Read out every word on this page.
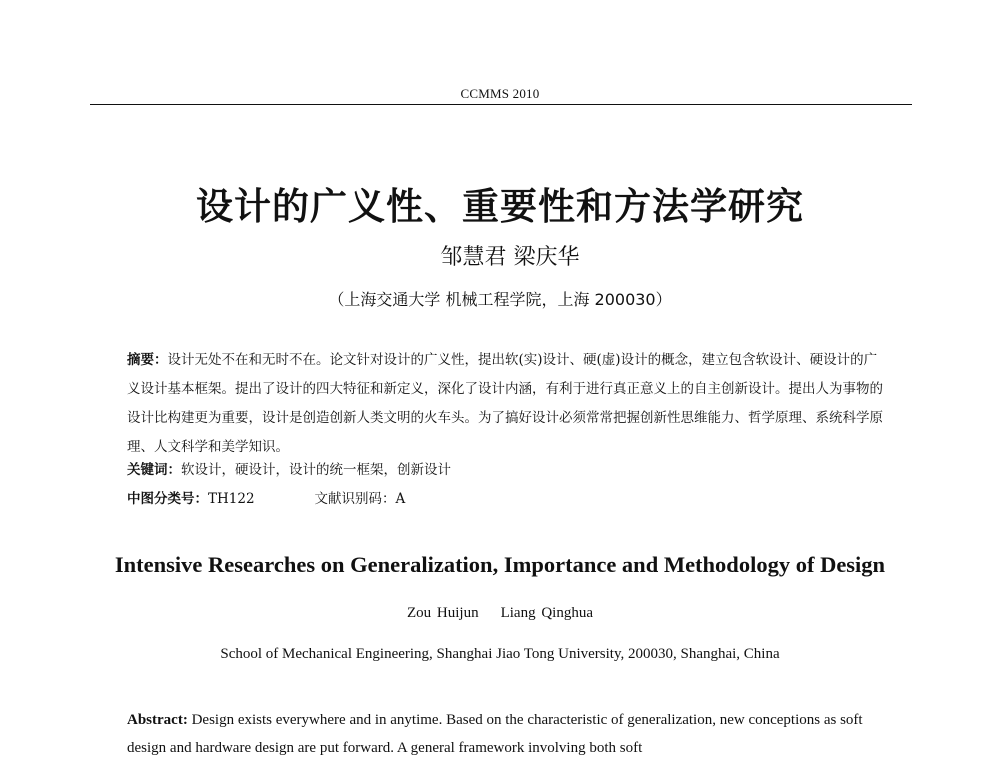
CCMMS 2010
设计的广义性、重要性和方法学研究
邹慧君 梁庆华
（上海交通大学 机械工程学院，上海 200030）
摘要：设计无处不在和无时不在。论文针对设计的广义性，提出软(实)设计、硬(虚)设计的概念，建立包含软设计、硬设计的广义设计基本框架。提出了设计的四大特征和新定义，深化了设计内涵，有利于进行真正意义上的自主创新设计。提出人为事物的设计比构建更为重要，设计是创造创新人类文明的火车头。为了搞好设计必须常常把握创新性思维能力、哲学原理、系统科学原理、人文科学和美学知识。
关键词：软设计，硬设计，设计的统一框架，创新设计
中图分类号：TH122	文献识别码：A
Intensive Researches on Generalization, Importance and Methodology of Design
Zou Huijun Liang Qinghua
School of Mechanical Engineering, Shanghai Jiao Tong University, 200030, Shanghai, China
Abstract: Design exists everywhere and in anytime. Based on the characteristic of generalization, new conceptions as soft design and hardware design are put forward. A general framework involving both soft
